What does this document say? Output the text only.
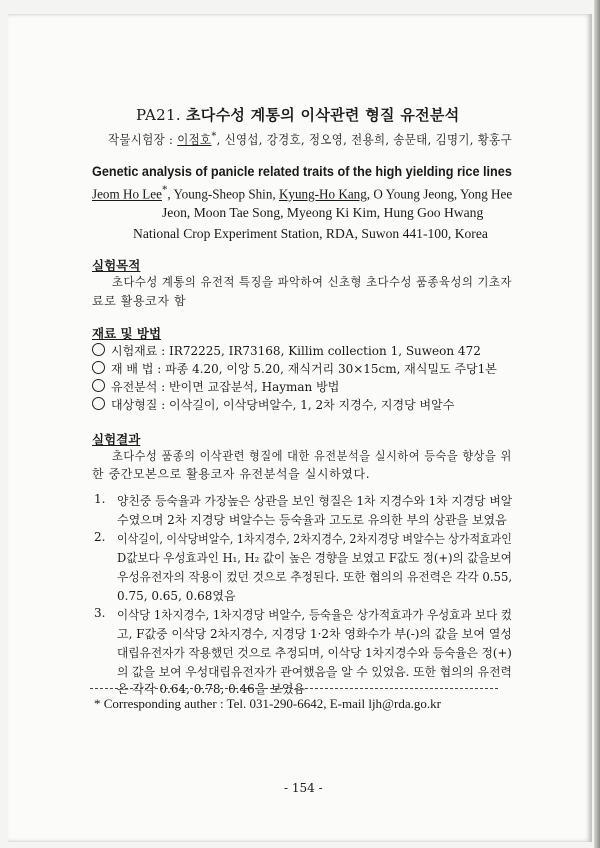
PA21. 초다수성 계통의 이삭관련 형질 유전분석
작물시험장 : 이점호*, 신영섭, 강경호, 정오영, 전용희, 송문태, 김명기, 황홍구
Genetic analysis of panicle related traits of the high yielding rice lines
Jeom Ho Lee*, Young-Sheop Shin, Kyung-Ho Kang, O Young Jeong, Yong Hee
Jeon, Moon Tae Song, Myeong Ki Kim, Hung Goo Hwang
National Crop Experiment Station, RDA, Suwon 441-100, Korea
실험목적
초다수성 계통의 유전적 특징을 파악하여 신초형 초다수성 품종육성의 기초자
료로 활용코자 함
재료 및 방법
시험재료 : IR72225, IR73168, Killim collection 1, Suweon 472
재 배 법 : 파종 4.20, 이앙 5.20, 재식거리 30×15cm, 재식밀도 주당1본
유전분석 : 반이면 교잡분석, Hayman 방법
대상형질 : 이삭길이, 이삭당벼알수, 1, 2차 지경수, 지경당 벼알수
실험결과
초다수성 품종의 이삭관련 형질에 대한 유전분석을 실시하여 등숙을 향상을 위
한 중간모본으로 활용코자 유전분석을 실시하였다.
1. 양친중 등숙율과 가장높은 상관을 보인 형질은 1차 지경수와 1차 지경당 벼알
수였으며 2차 지경당 벼알수는 등숙율과 고도로 유의한 부의 상관을 보였음
2. 이삭길이, 이삭당벼알수, 1차지경수, 2차지경수, 2차지경당 벼알수는 상가적효과인
D값보다 우성효과인 H₁, H₂ 값이 높은 경향을 보였고 F값도 정(+)의 값을보여
우성유전자의 작용이 컸던 것으로 추정된다. 또한 협의의 유전력은 각각 0.55,
0.75, 0.65, 0.68였음
3. 이삭당 1차지경수, 1차지경당 벼알수, 등숙율은 상가적효과가 우성효과 보다 컸
고, F값중 이삭당 2차지경수, 지경당 1·2차 영화수가 부(-)의 값을 보여 열성
대립유전자가 작용했던 것으로 추정되며, 이삭당 1차지경수와 등숙율은 정(+)
의 값을 보여 우성대립유전자가 관여했음을 알 수 있었음. 또한 협의의 유전력
은 각각 0.64, 0.78, 0.46을 보였음
* Corresponding auther : Tel. 031-290-6642, E-mail ljh@rda.go.kr
- 154 -
